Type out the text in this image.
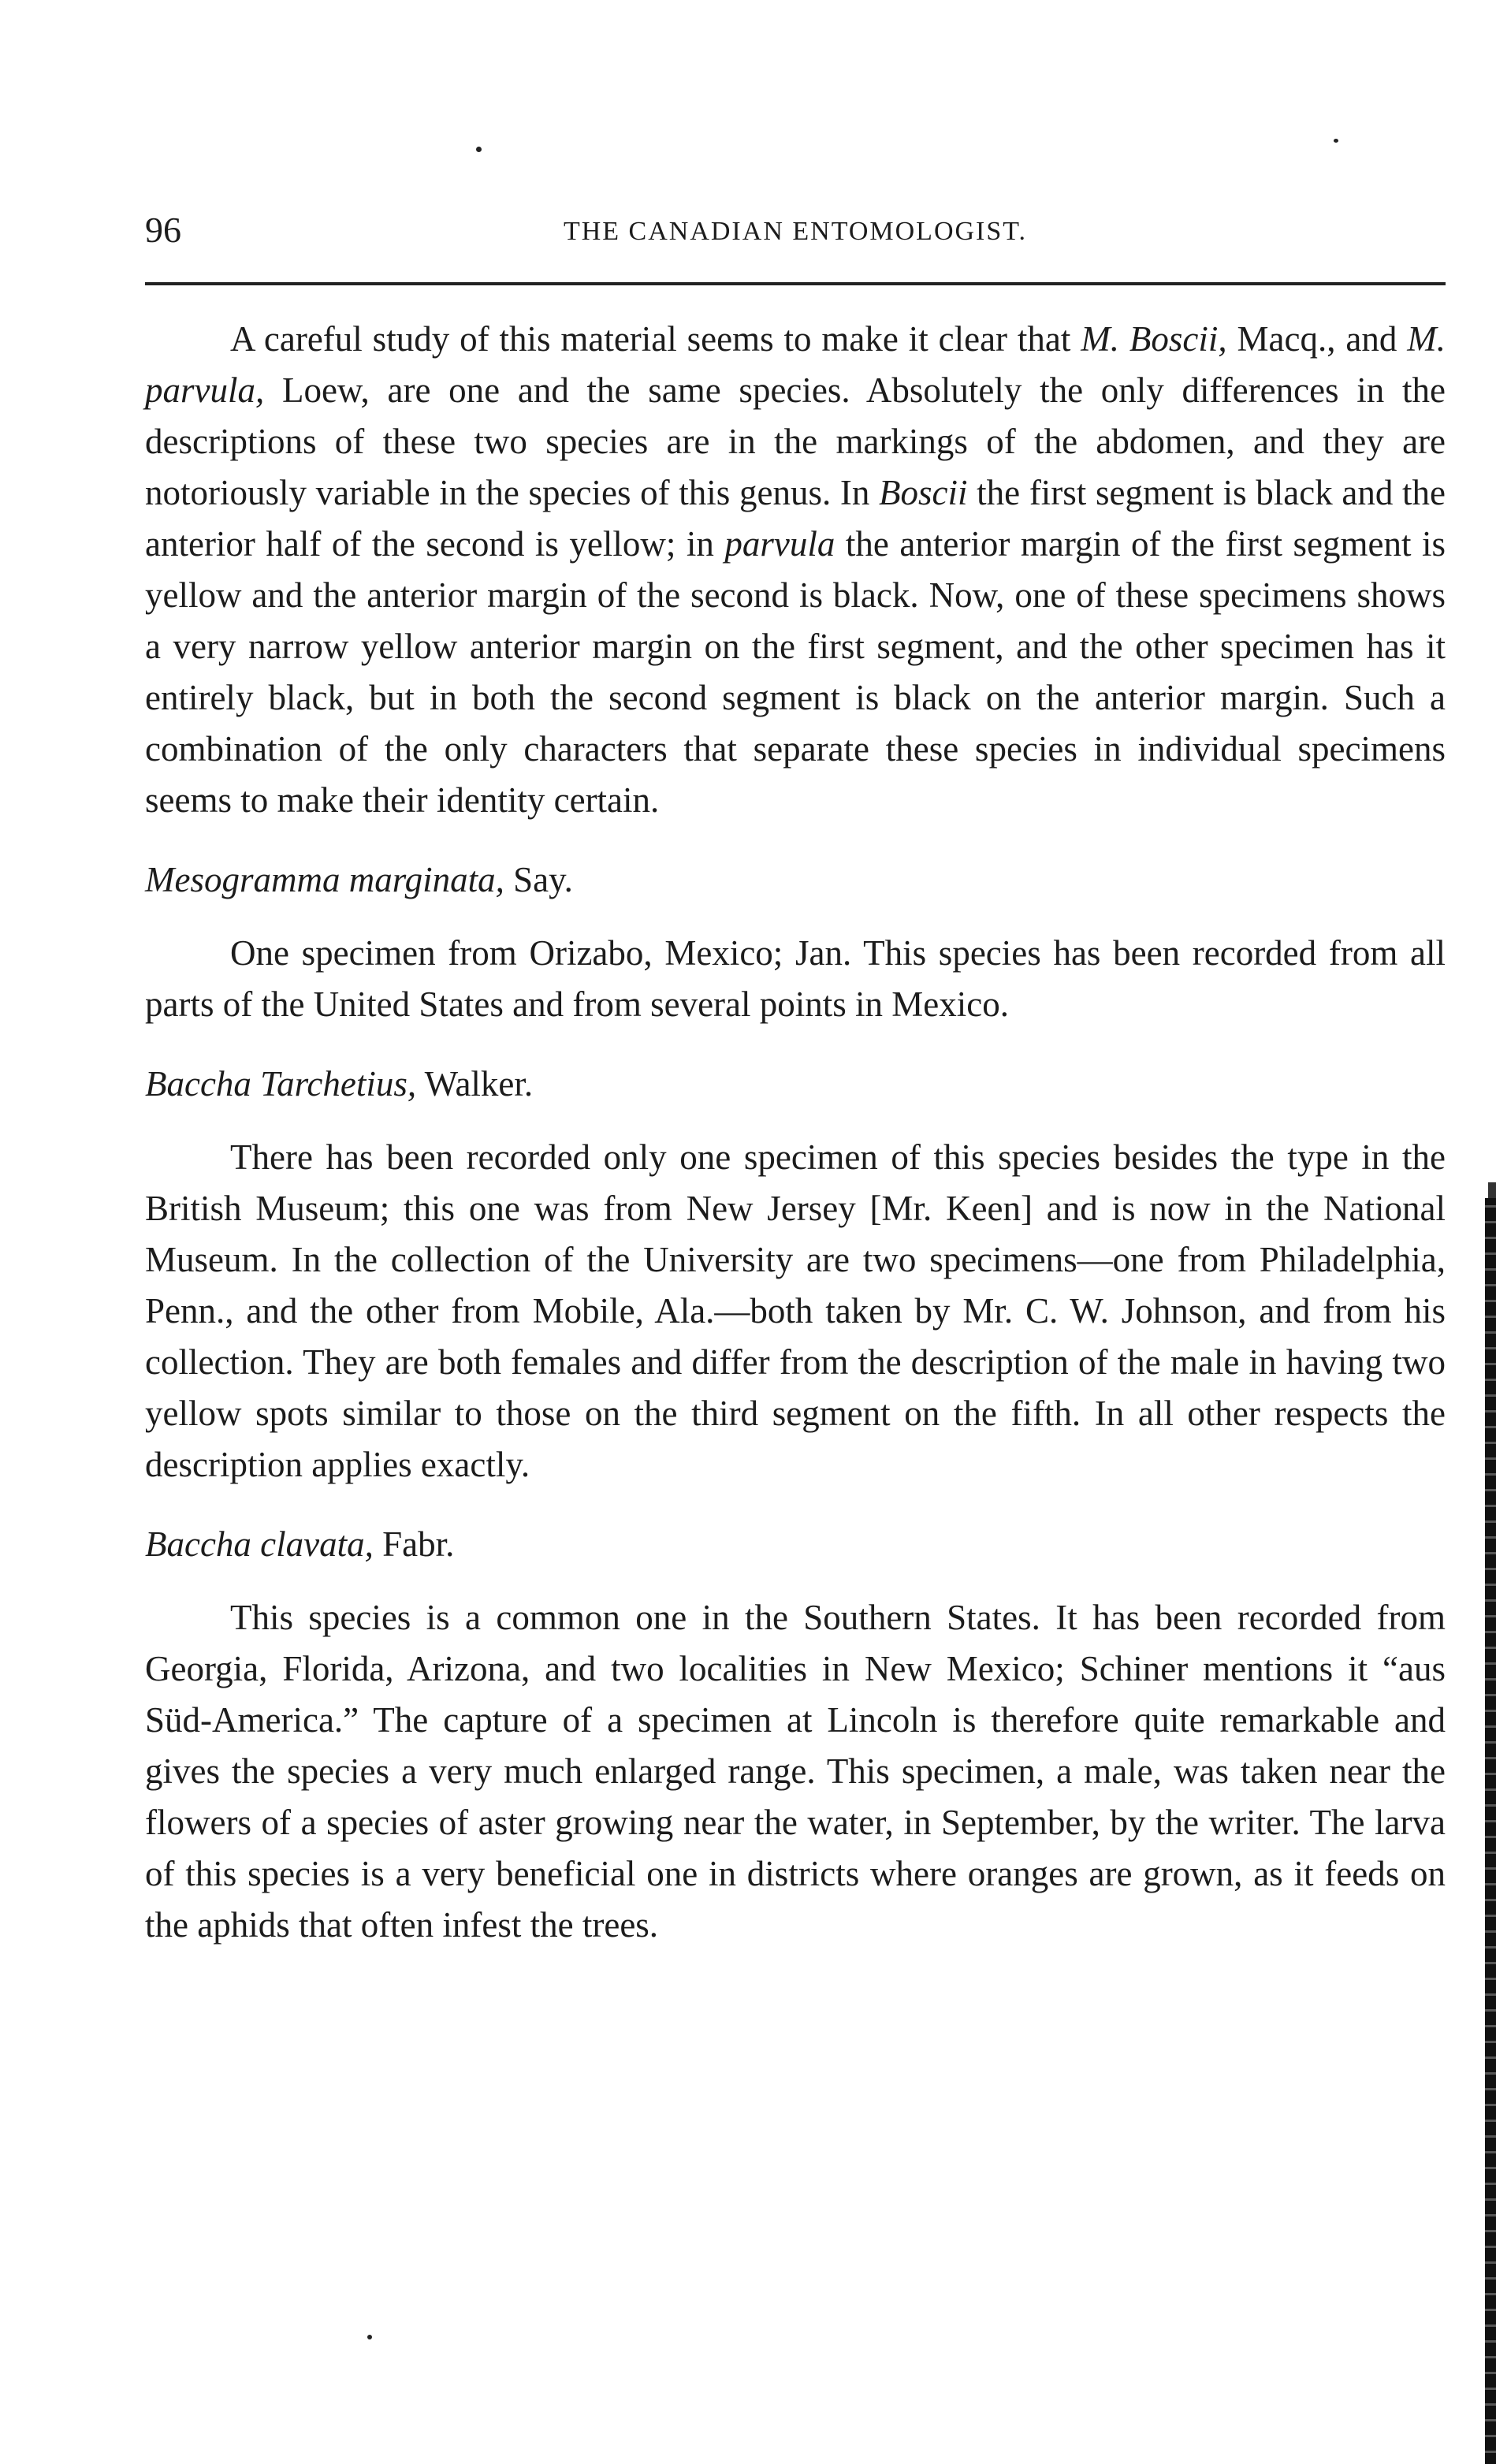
96	THE CANADIAN ENTOMOLOGIST.

A careful study of this material seems to make it clear that M. Boscii, Macq., and M. parvula, Loew, are one and the same species. Absolutely the only differences in the descriptions of these two species are in the markings of the abdomen, and they are notoriously variable in the species of this genus. In Boscii the first segment is black and the anterior half of the second is yellow; in parvula the anterior margin of the first segment is yellow and the anterior margin of the second is black. Now, one of these specimens shows a very narrow yellow anterior margin on the first segment, and the other specimen has it entirely black, but in both the second segment is black on the anterior margin. Such a combination of the only characters that separate these species in individual specimens seems to make their identity certain.

Mesogramma marginata, Say.

One specimen from Orizabo, Mexico; Jan. This species has been recorded from all parts of the United States and from several points in Mexico.

Baccha Tarchetius, Walker.

There has been recorded only one specimen of this species besides the type in the British Museum; this one was from New Jersey [Mr. Keen] and is now in the National Museum. In the collection of the University are two specimens—one from Philadelphia, Penn., and the other from Mobile, Ala.—both taken by Mr. C. W. Johnson, and from his collection. They are both females and differ from the description of the male in having two yellow spots similar to those on the third segment on the fifth. In all other respects the description applies exactly.

Baccha clavata, Fabr.

This species is a common one in the Southern States. It has been recorded from Georgia, Florida, Arizona, and two localities in New Mexico; Schiner mentions it “aus Süd-America.” The capture of a specimen at Lincoln is therefore quite remarkable and gives the species a very much enlarged range. This specimen, a male, was taken near the flowers of a species of aster growing near the water, in September, by the writer. The larva of this species is a very beneficial one in districts where oranges are grown, as it feeds on the aphids that often infest the trees.
